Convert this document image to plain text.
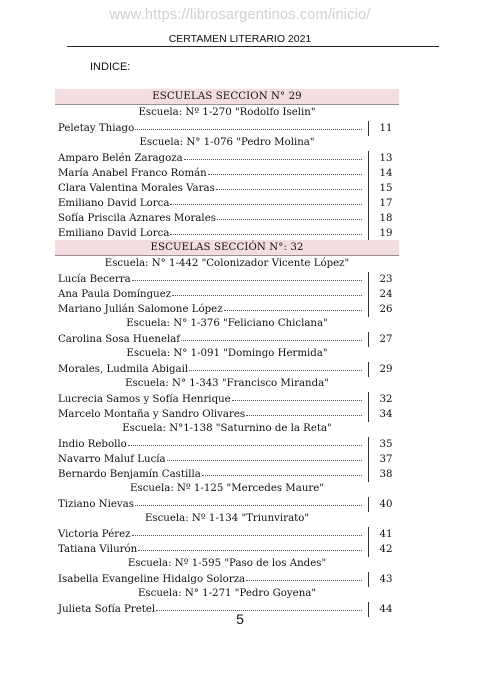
www.https://librosargentinos.com/inicio/
CERTAMEN LITERARIO 2021
INDICE:
ESCUELAS SECCION N° 29
Escuela: Nº 1-270 "Rodolfo Iselin"
Peletay Thiago	11
Escuela: N° 1-076 "Pedro Molina"
Amparo Belén Zaragoza	13
María Anabel Franco Román	14
Clara Valentina Morales Varas	15
Emiliano David Lorca	17
Sofía Priscila Aznares Morales	18
Emiliano David Lorca	19
ESCUELAS SECCIÓN N°: 32
Escuela: N° 1-442 "Colonizador Vicente López"
Lucía Becerra	23
Ana Paula Domínguez	24
Mariano Julián Salomone López	26
Escuela: N° 1-376 "Feliciano Chiclana"
Carolina Sosa Huenelaf	27
Escuela: N° 1-091 "Domingo Hermida"
Morales, Ludmila Abigail	29
Escuela: N° 1-343 "Francisco Miranda"
Lucrecia Samos y Sofía Henrique	32
Marcelo Montaña y Sandro Olivares	34
Escuela: N°1-138 "Saturnino de la Reta"
Indio Rebollo	35
Navarro Maluf Lucía	37
Bernardo Benjamín Castilla	38
Escuela: Nº 1-125 "Mercedes Maure"
Tiziano Nievas	40
Escuela: Nº 1-134 "Triunvirato"
Victoria Pérez	41
Tatiana Vilurón	42
Escuela: Nº 1-595 "Paso de los Andes"
Isabella Evangeline Hidalgo Solorza	43
Escuela: N° 1-271 "Pedro Goyena"
Julieta Sofía Pretel	44
5
